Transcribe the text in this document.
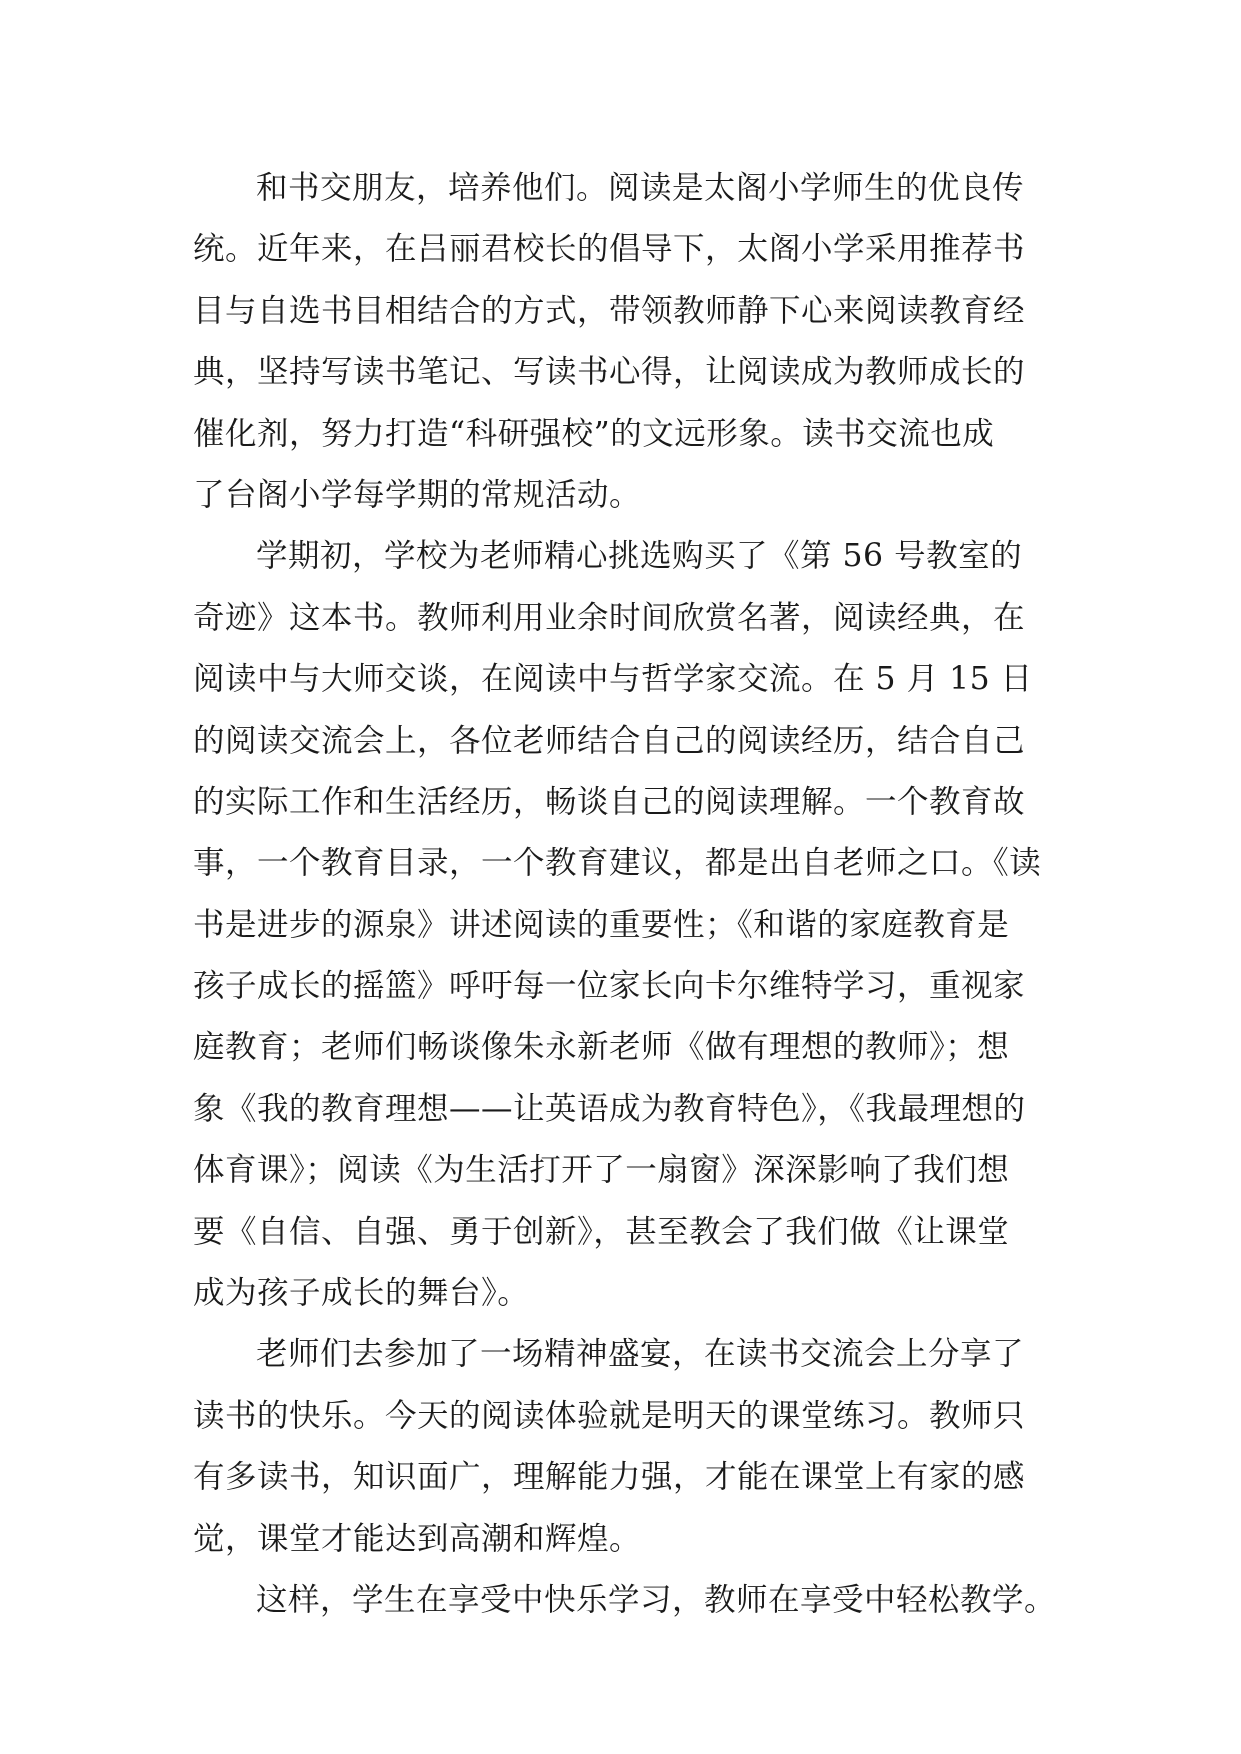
和书交朋友，培养他们。阅读是太阁小学师生的优良传
统。近年来，在吕丽君校长的倡导下，太阁小学采用推荐书
目与自选书目相结合的方式，带领教师静下心来阅读教育经
典，坚持写读书笔记、写读书心得，让阅读成为教师成长的
催化剂，努力打造“科研强校”的文远形象。读书交流也成
了台阁小学每学期的常规活动。
学期初，学校为老师精心挑选购买了《第 56 号教室的
奇迹》这本书。教师利用业余时间欣赏名著，阅读经典，在
阅读中与大师交谈，在阅读中与哲学家交流。在 5 月 15 日
的阅读交流会上，各位老师结合自己的阅读经历，结合自己
的实际工作和生活经历，畅谈自己的阅读理解。一个教育故
事，一个教育目录，一个教育建议，都是出自老师之口。《读
书是进步的源泉》讲述阅读的重要性；《和谐的家庭教育是
孩子成长的摇篮》呼吁每一位家长向卡尔维特学习，重视家
庭教育；老师们畅谈像朱永新老师《做有理想的教师》；想
象《我的教育理想——让英语成为教育特色》，《我最理想的
体育课》；阅读《为生活打开了一扇窗》深深影响了我们想
要《自信、自强、勇于创新》，甚至教会了我们做《让课堂
成为孩子成长的舞台》。
老师们去参加了一场精神盛宴，在读书交流会上分享了
读书的快乐。今天的阅读体验就是明天的课堂练习。教师只
有多读书，知识面广，理解能力强，才能在课堂上有家的感
觉，课堂才能达到高潮和辉煌。
这样，学生在享受中快乐学习，教师在享受中轻松教学。
